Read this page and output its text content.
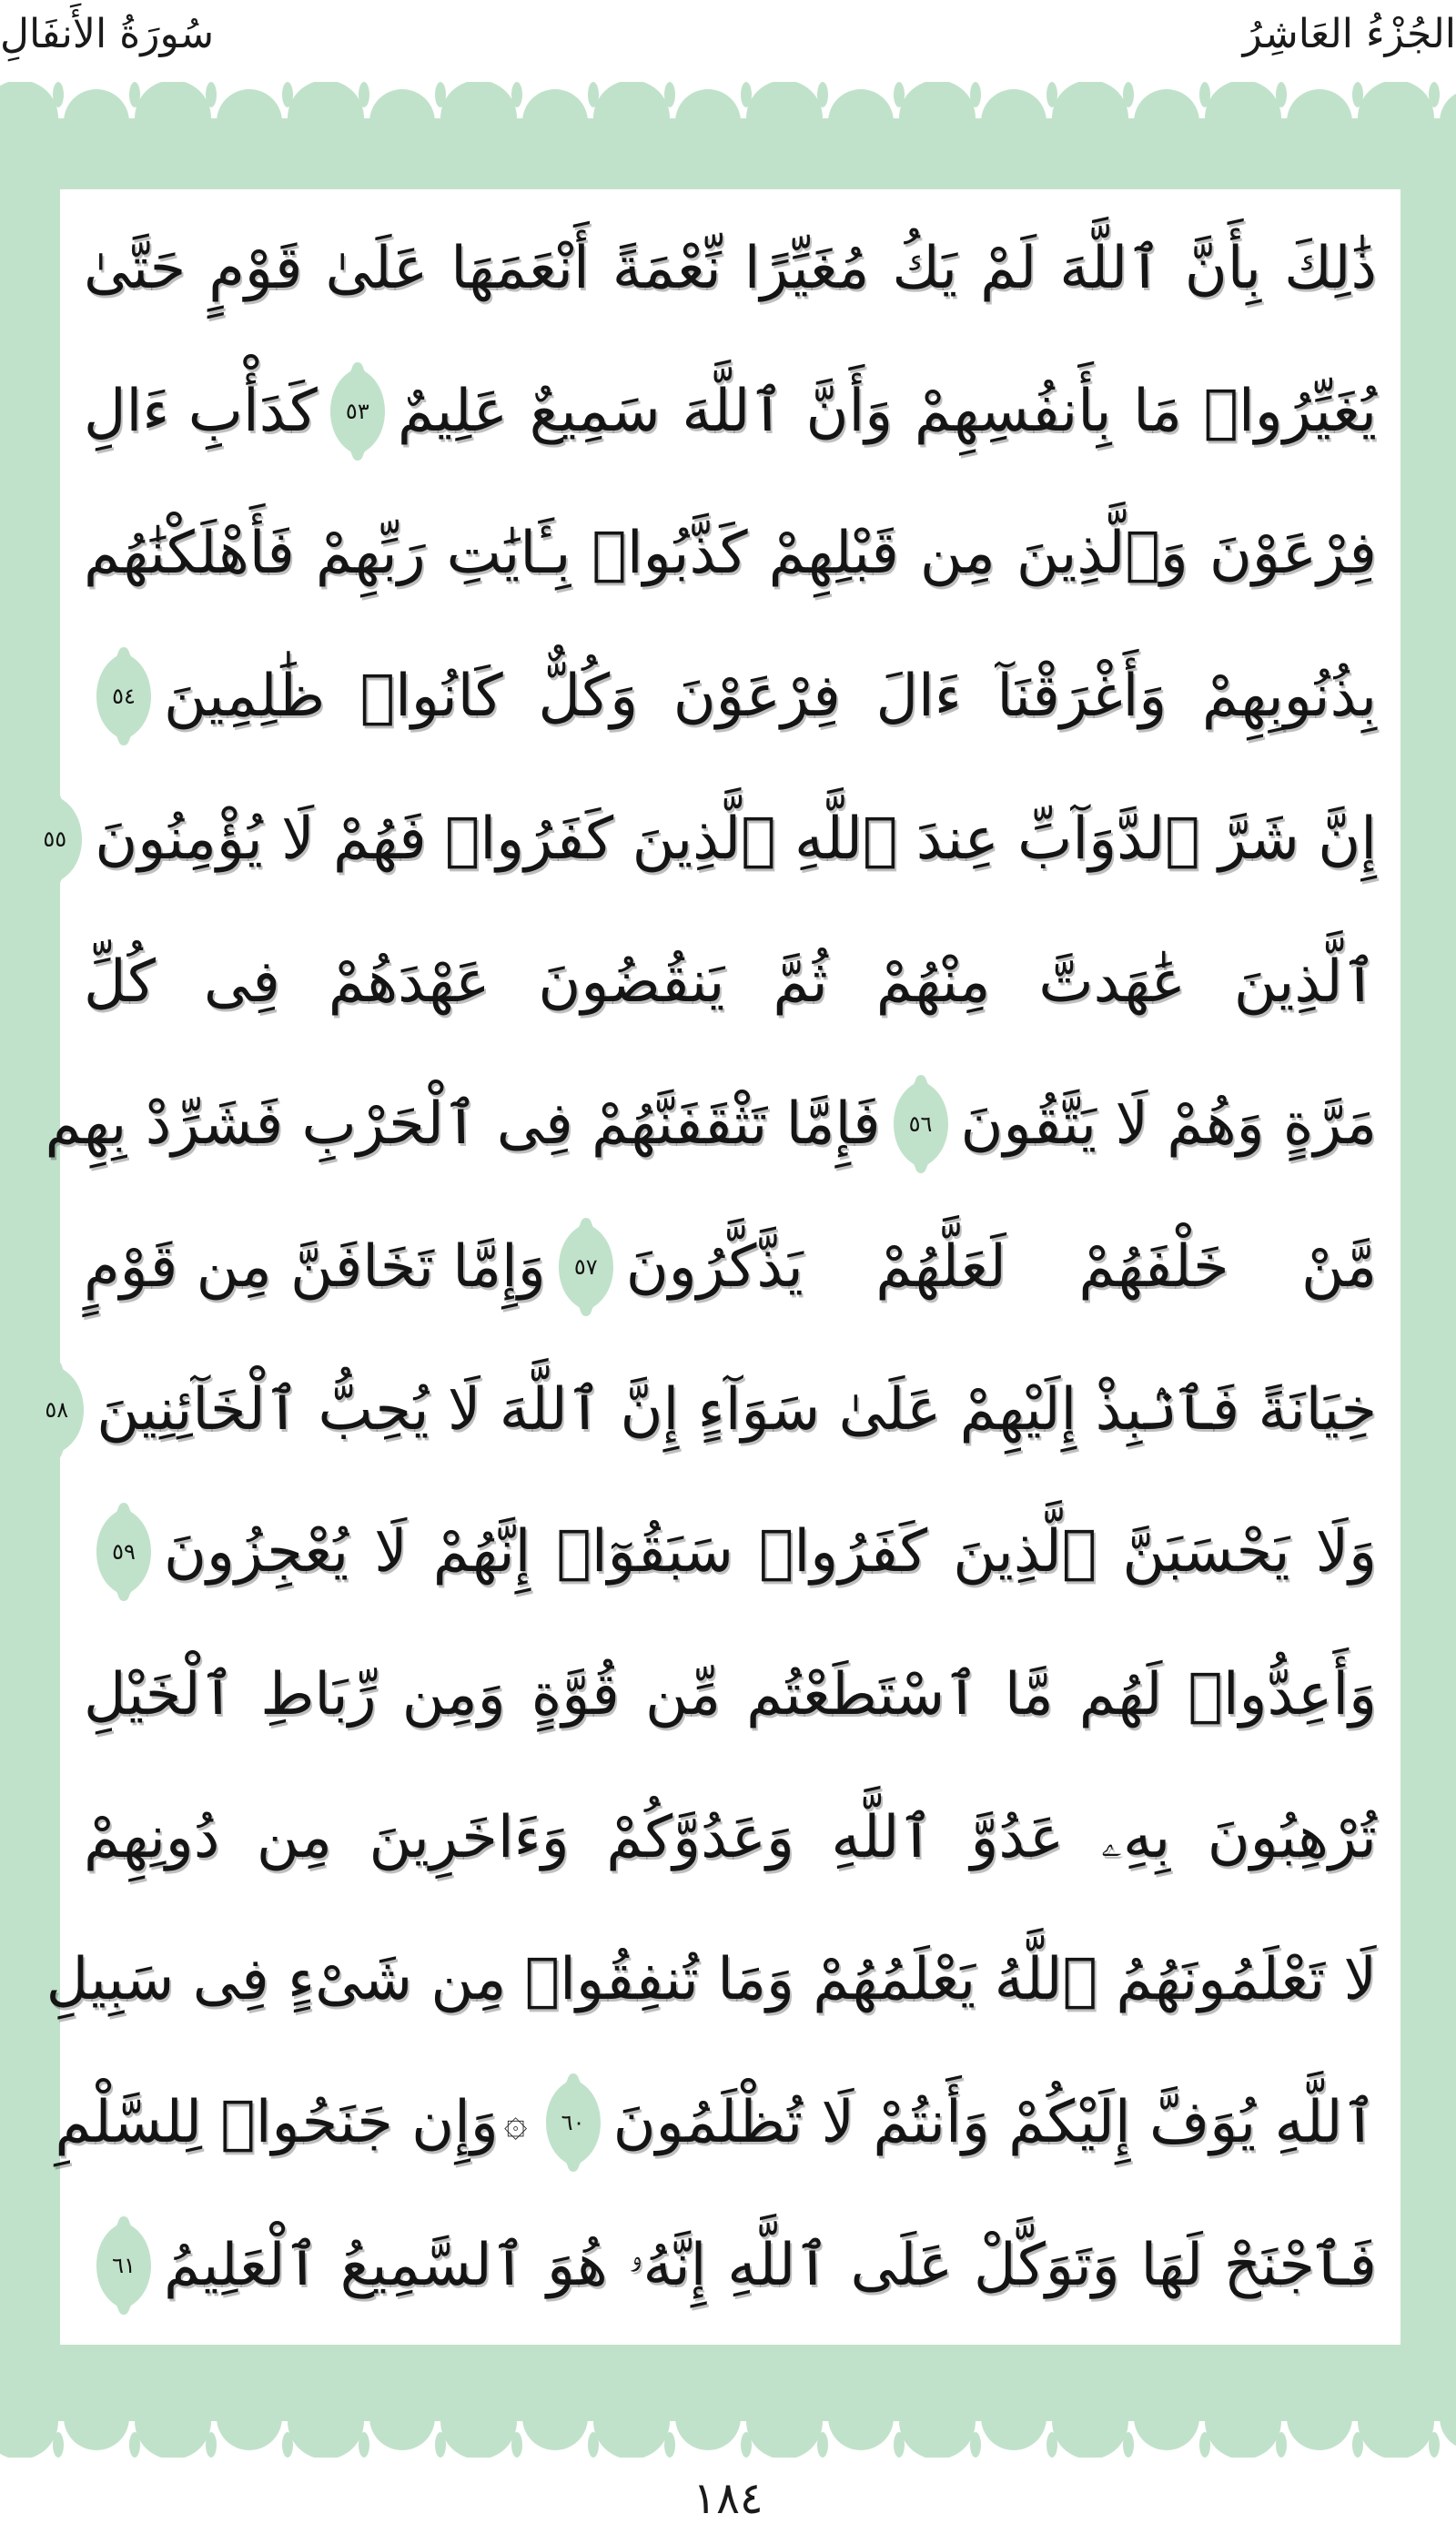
سُورَةُ الأَنفَالِ	الجُزْءُ العَاشِرُ
ذَٰلِكَ بِأَنَّ ٱللَّهَ لَمْ يَكُ مُغَيِّرًا نِّعْمَةً أَنْعَمَهَا عَلَىٰ قَوْمٍ حَتَّىٰ
يُغَيِّرُوا۟ مَا بِأَنفُسِهِمْ وَأَنَّ ٱللَّهَ سَمِيعٌ عَلِيمٌ
٥٣
كَدَأْبِ ءَالِ
فِرْعَوْنَ وَٱلَّذِينَ مِن قَبْلِهِمْ كَذَّبُوا۟ بِـَٔايَٰتِ رَبِّهِمْ فَأَهْلَكْنَٰهُم
بِذُنُوبِهِمْ وَأَغْرَقْنَآ ءَالَ فِرْعَوْنَ وَكُلٌّ كَانُوا۟ ظَٰلِمِينَ
٥٤
إِنَّ شَرَّ ٱلدَّوَآبِّ عِندَ ٱللَّهِ ٱلَّذِينَ كَفَرُوا۟ فَهُمْ لَا يُؤْمِنُونَ
٥٥
ٱلَّذِينَ عَٰهَدتَّ مِنْهُمْ ثُمَّ يَنقُضُونَ عَهْدَهُمْ فِى كُلِّ
مَرَّةٍ وَهُمْ لَا يَتَّقُونَ
٥٦
فَإِمَّا تَثْقَفَنَّهُمْ فِى ٱلْحَرْبِ فَشَرِّدْ بِهِم
مَّنْ خَلْفَهُمْ لَعَلَّهُمْ يَذَّكَّرُونَ
٥٧
وَإِمَّا تَخَافَنَّ مِن قَوْمٍ
خِيَانَةً فَٱنۢبِذْ إِلَيْهِمْ عَلَىٰ سَوَآءٍ إِنَّ ٱللَّهَ لَا يُحِبُّ ٱلْخَآئِنِينَ
٥٨
وَلَا يَحْسَبَنَّ ٱلَّذِينَ كَفَرُوا۟ سَبَقُوٓا۟ إِنَّهُمْ لَا يُعْجِزُونَ
٥٩
وَأَعِدُّوا۟ لَهُم مَّا ٱسْتَطَعْتُم مِّن قُوَّةٍ وَمِن رِّبَاطِ ٱلْخَيْلِ
تُرْهِبُونَ بِهِۦ عَدُوَّ ٱللَّهِ وَعَدُوَّكُمْ وَءَاخَرِينَ مِن دُونِهِمْ
لَا تَعْلَمُونَهُمُ ٱللَّهُ يَعْلَمُهُمْ وَمَا تُنفِقُوا۟ مِن شَىْءٍ فِى سَبِيلِ
ٱللَّهِ يُوَفَّ إِلَيْكُمْ وَأَنتُمْ لَا تُظْلَمُونَ
٦٠
۞
وَإِن جَنَحُوا۟ لِلسَّلْمِ
فَٱجْنَحْ لَهَا وَتَوَكَّلْ عَلَى ٱللَّهِ إِنَّهُۥ هُوَ ٱلسَّمِيعُ ٱلْعَلِيمُ
٦١
١٨٤
